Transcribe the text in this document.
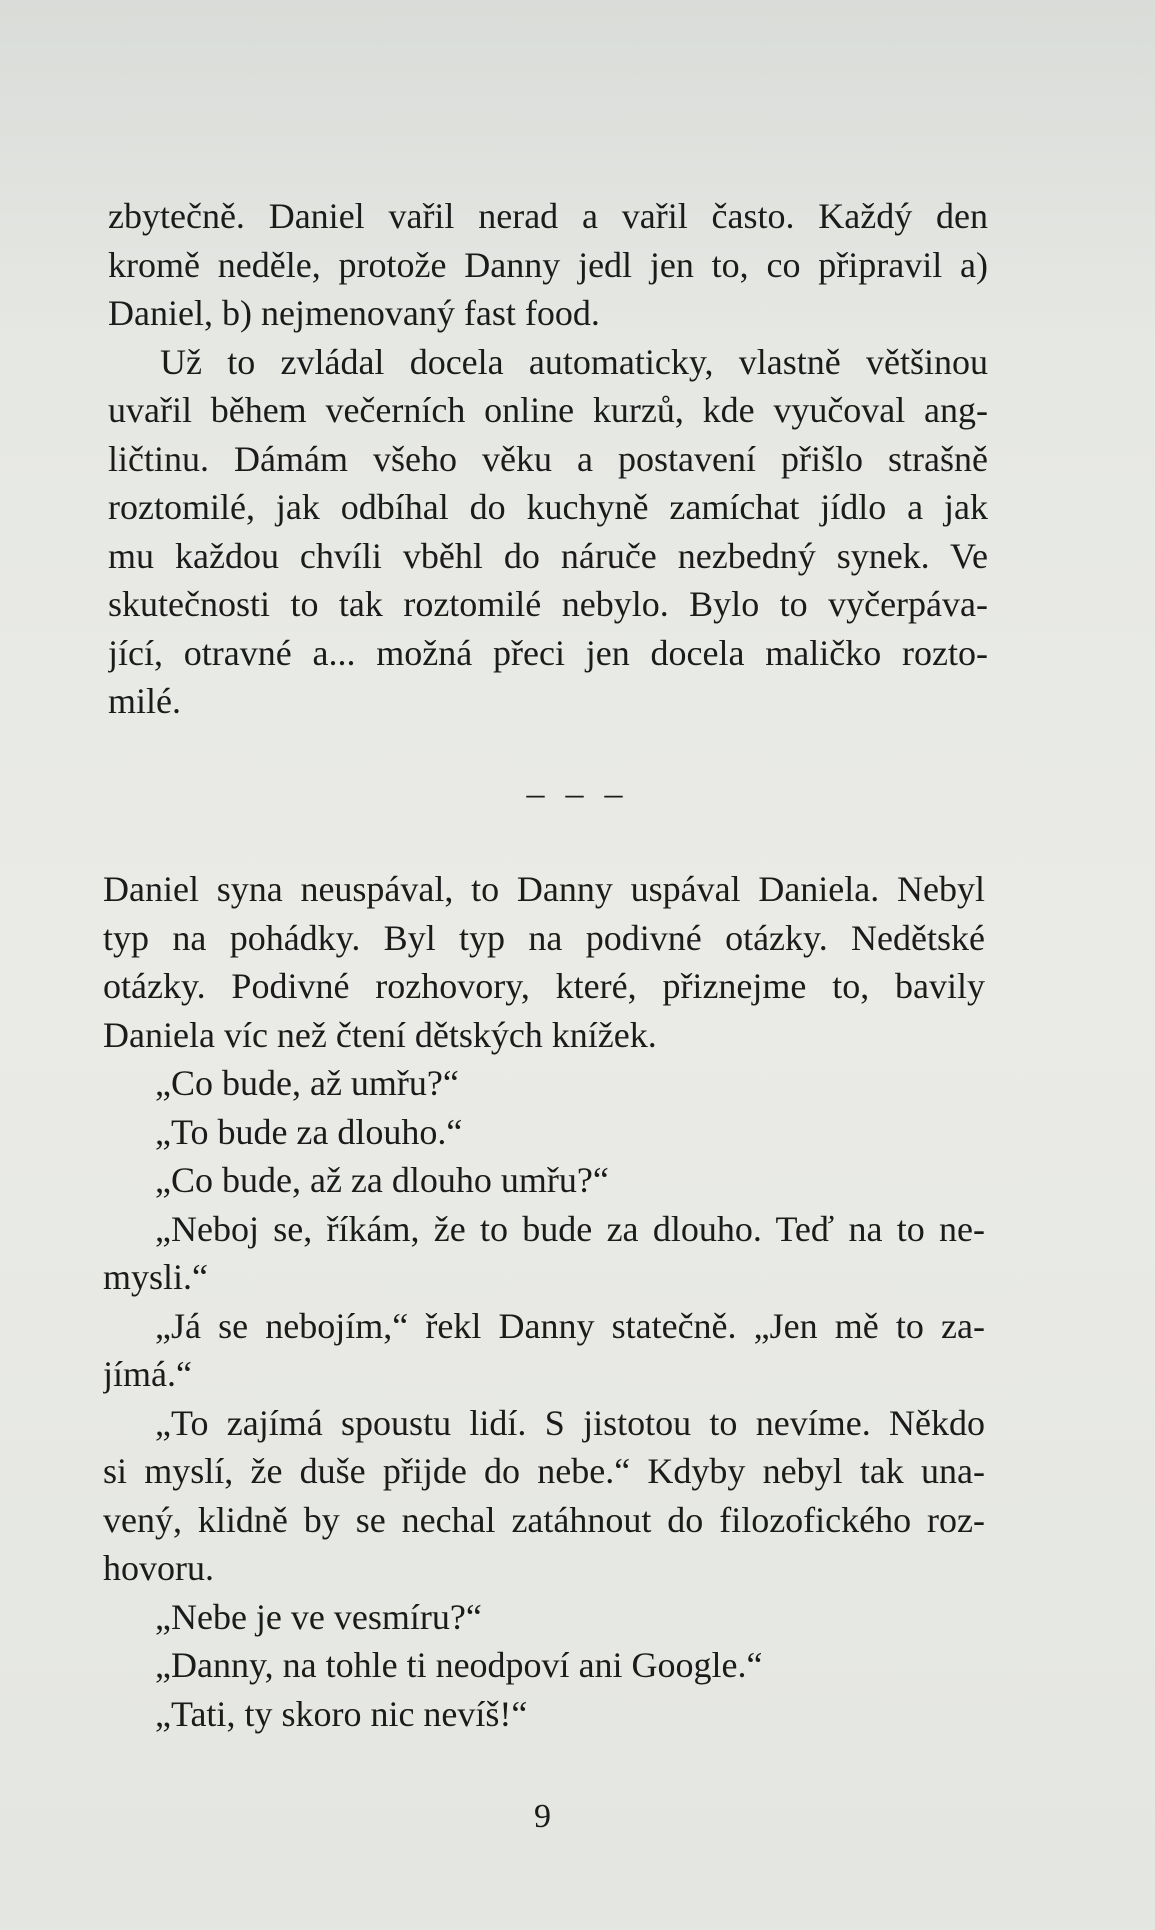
zbytečně. Daniel vařil nerad a vařil často. Každý den
kromě neděle, protože Danny jedl jen to, co připravil a)
Daniel, b) nejmenovaný fast food.
Už to zvládal docela automaticky, vlastně většinou
uvařil během večerních online kurzů, kde vyučoval ang-
ličtinu. Dámám všeho věku a postavení přišlo strašně
roztomilé, jak odbíhal do kuchyně zamíchat jídlo a jak
mu každou chvíli vběhl do náruče nezbedný synek. Ve
skutečnosti to tak roztomilé nebylo. Bylo to vyčerpáva-
jící, otravné a... možná přeci jen docela maličko rozto-
milé.
– – –
Daniel syna neuspával, to Danny uspával Daniela. Nebyl
typ na pohádky. Byl typ na podivné otázky. Nedětské
otázky. Podivné rozhovory, které, přiznejme to, bavily
Daniela víc než čtení dětských knížek.
„Co bude, až umřu?“
„To bude za dlouho.“
„Co bude, až za dlouho umřu?“
„Neboj se, říkám, že to bude za dlouho. Teď na to ne-
mysli.“
„Já se nebojím,“ řekl Danny statečně. „Jen mě to za-
jímá.“
„To zajímá spoustu lidí. S jistotou to nevíme. Někdo
si myslí, že duše přijde do nebe.“ Kdyby nebyl tak una-
vený, klidně by se nechal zatáhnout do filozofického roz-
hovoru.
„Nebe je ve vesmíru?“
„Danny, na tohle ti neodpoví ani Google.“
„Tati, ty skoro nic nevíš!“
9
